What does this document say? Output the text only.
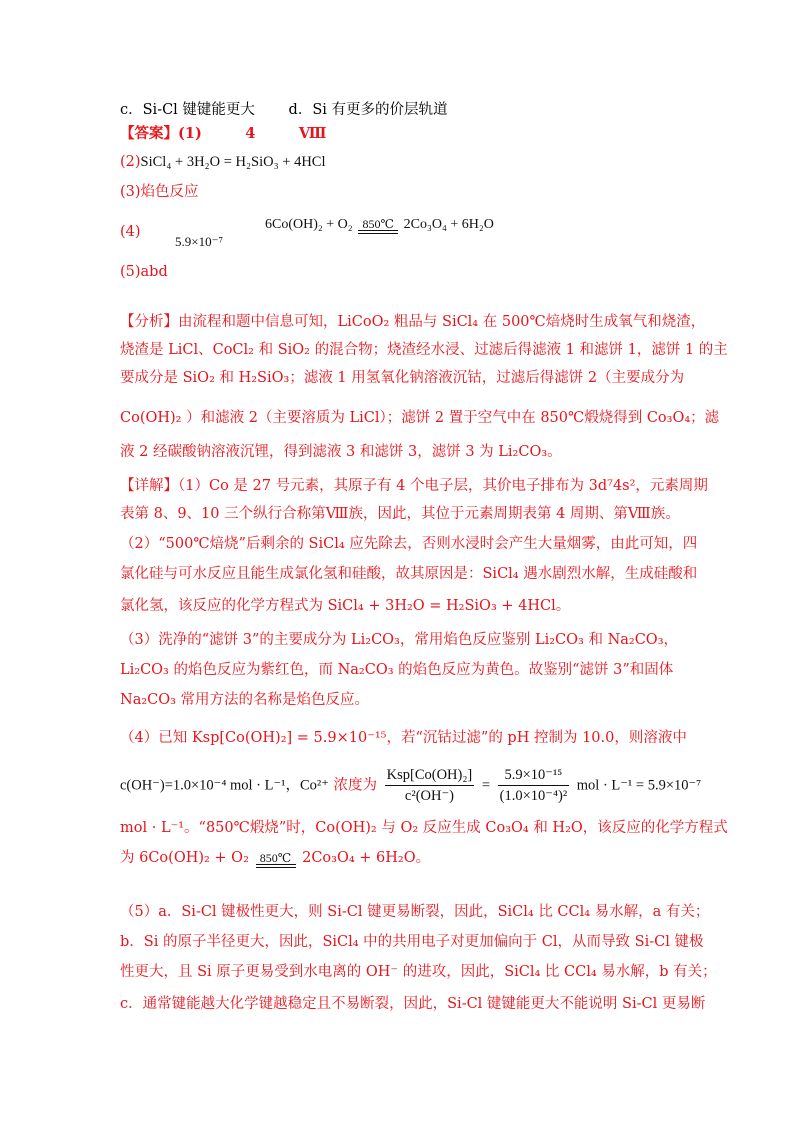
c．Si-Cl 键键能更大　　 d．Si 有更多的价层轨道
【答案】(1)　　　4　　　Ⅷ
(2)SiCl₄ + 3H₂O = H₂SiO₃ + 4HCl
(3)焰色反应
(4)
5.9×10⁻⁷
6Co(OH)₂ + O₂ 850℃ 2Co₃O₄ + 6H₂O
(5)abd
【分析】由流程和题中信息可知，LiCoO₂ 粗品与 SiCl₄ 在 500℃焙烧时生成氧气和烧渣，
烧渣是 LiCl、CoCl₂ 和 SiO₂ 的混合物；烧渣经水浸、过滤后得滤液 1 和滤饼 1，滤饼 1 的主
要成分是 SiO₂ 和 H₂SiO₃；滤液 1 用氢氧化钠溶液沉钴，过滤后得滤饼 2（主要成分为
Co(OH)₂ ）和滤液 2（主要溶质为 LiCl）；滤饼 2 置于空气中在 850℃煅烧得到 Co₃O₄；滤
液 2 经碳酸钠溶液沉锂，得到滤液 3 和滤饼 3，滤饼 3 为 Li₂CO₃。
【详解】（1）Co 是 27 号元素，其原子有 4 个电子层，其价电子排布为 3d⁷4s²，元素周期
表第 8、9、10 三个纵行合称第Ⅷ族，因此，其位于元素周期表第 4 周期、第Ⅷ族。
（2）“500℃焙烧”后剩余的 SiCl₄ 应先除去，否则水浸时会产生大量烟雾，由此可知，四
氯化硅与可水反应且能生成氯化氢和硅酸，故其原因是：SiCl₄ 遇水剧烈水解，生成硅酸和
氯化氢，该反应的化学方程式为 SiCl₄ + 3H₂O = H₂SiO₃ + 4HCl。
（3）洗净的“滤饼 3”的主要成分为 Li₂CO₃，常用焰色反应鉴别 Li₂CO₃ 和 Na₂CO₃，
Li₂CO₃ 的焰色反应为紫红色，而 Na₂CO₃ 的焰色反应为黄色。故鉴别“滤饼 3”和固体
Na₂CO₃ 常用方法的名称是焰色反应。
（4）已知 Ksp[Co(OH)₂] = 5.9×10⁻¹⁵，若“沉钴过滤”的 pH 控制为 10.0，则溶液中
c(OH⁻)=1.0×10⁻⁴ mol · L⁻¹，Co²⁺ 浓度为 $\frac{\text{Ksp[Co(OH)₂]}}{\text{c²(OH⁻)}} = \frac{\text{5.9×10⁻¹⁵}}{\text{(1.0×10⁻⁴)²}}$ mol · L⁻¹ = 5.9×10⁻⁷
mol · L⁻¹。“850℃煅烧”时，Co(OH)₂ 与 O₂ 反应生成 Co₃O₄ 和 H₂O，该反应的化学方程式
为 6Co(OH)₂ + O₂ 850℃ 2Co₃O₄ + 6H₂O。
（5）a．Si-Cl 键极性更大，则 Si-Cl 键更易断裂，因此，SiCl₄ 比 CCl₄ 易水解，a 有关；
b．Si 的原子半径更大，因此，SiCl₄ 中的共用电子对更加偏向于 Cl，从而导致 Si-Cl 键极
性更大，且 Si 原子更易受到水电离的 OH⁻ 的进攻，因此，SiCl₄ 比 CCl₄ 易水解，b 有关；
c．通常键能越大化学键越稳定且不易断裂，因此，Si-Cl 键键能更大不能说明 Si-Cl 更易断
